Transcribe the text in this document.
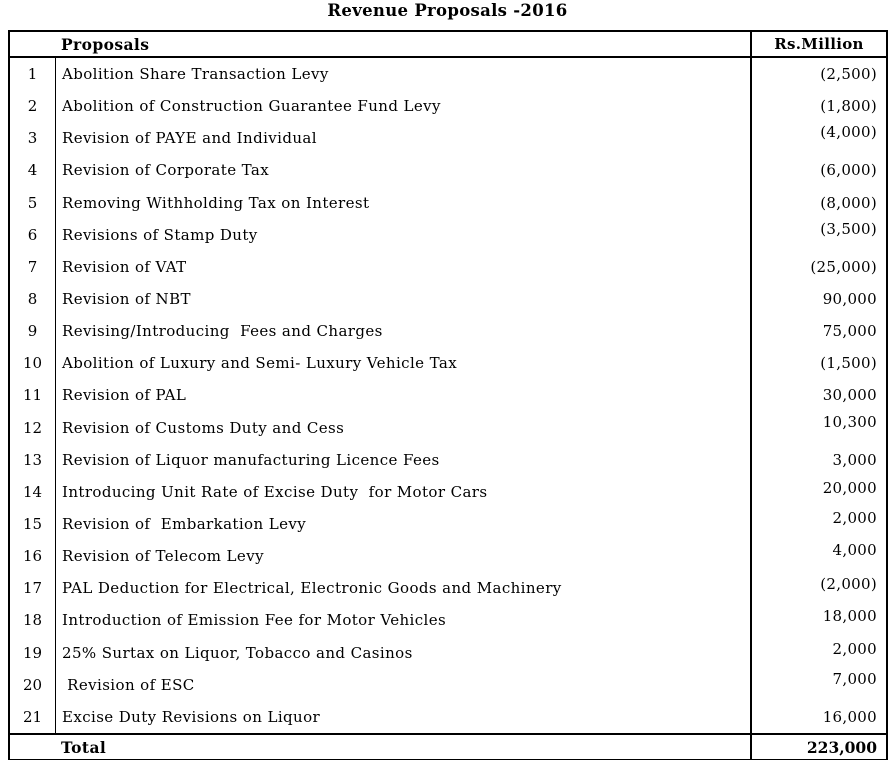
Revenue Proposals -2016
Proposals	Rs.Million
1 Abolition Share Transaction Levy	(2,500)
2 Abolition of Construction Guarantee Fund Levy	(1,800)
3 Revision of PAYE and Individual	(4,000)
4 Revision of Corporate Tax	(6,000)
5 Removing Withholding Tax on Interest	(8,000)
6 Revisions of Stamp Duty	(3,500)
7 Revision of VAT	(25,000)
8 Revision of NBT	90,000
9 Revising/Introducing  Fees and Charges	75,000
10 Abolition of Luxury and Semi- Luxury Vehicle Tax	(1,500)
11 Revision of PAL	30,000
12 Revision of Customs Duty and Cess	10,300
13 Revision of Liquor manufacturing Licence Fees	3,000
14 Introducing Unit Rate of Excise Duty  for Motor Cars	20,000
15 Revision of  Embarkation Levy	2,000
16 Revision of Telecom Levy	4,000
17 PAL Deduction for Electrical, Electronic Goods and Machinery	(2,000)
18 Introduction of Emission Fee for Motor Vehicles	18,000
19 25% Surtax on Liquor, Tobacco and Casinos	2,000
20 Revision of ESC	7,000
21 Excise Duty Revisions on Liquor	16,000
Total	223,000
